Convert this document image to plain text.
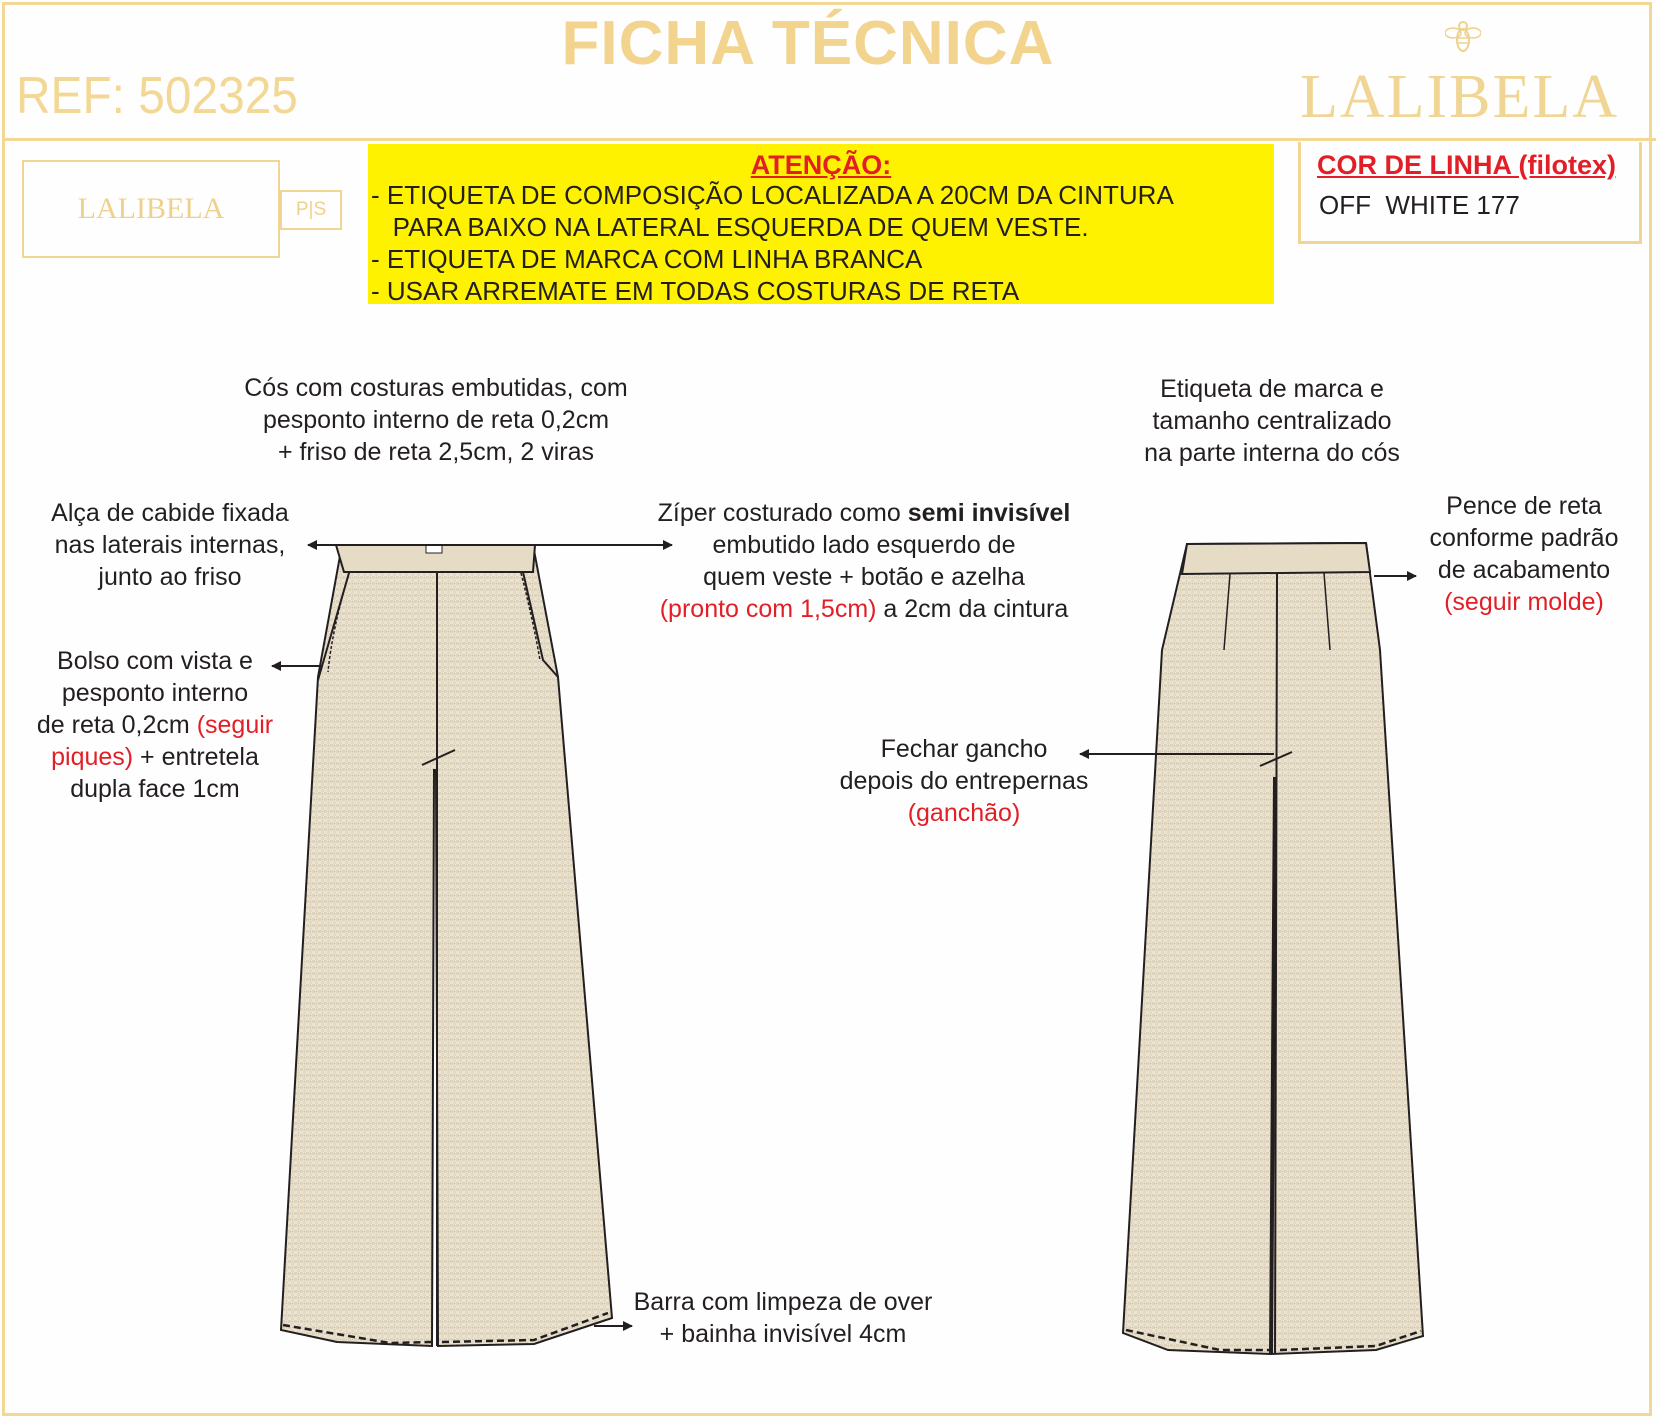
FICHA TÉCNICA
REF: 502325	LALIBELA
LALIBELA	P|S
ATENÇÃO:
- ETIQUETA DE COMPOSIÇÃO LOCALIZADA A 20CM DA CINTURA
PARA BAIXO NA LATERAL ESQUERDA DE QUEM VESTE.
- ETIQUETA DE MARCA COM LINHA BRANCA
- USAR ARREMATE EM TODAS COSTURAS DE RETA
COR DE LINHA (filotex)
OFF  WHITE 177
Cós com costuras embutidas, com
pesponto interno de reta 0,2cm
+ friso de reta 2,5cm, 2 viras
Alça de cabide fixada
nas laterais internas,
junto ao friso
Zíper costurado como semi invisível
embutido lado esquerdo de
quem veste + botão e azelha
(pronto com 1,5cm) a 2cm da cintura
Bolso com vista e
pesponto interno
de reta 0,2cm (seguir
piques) + entretela
dupla face 1cm
Barra com limpeza de over
+ bainha invisível 4cm
Etiqueta de marca e
tamanho centralizado
na parte interna do cós
Pence de reta
conforme padrão
de acabamento
(seguir molde)
Fechar gancho
depois do entrepernas
(ganchão)
